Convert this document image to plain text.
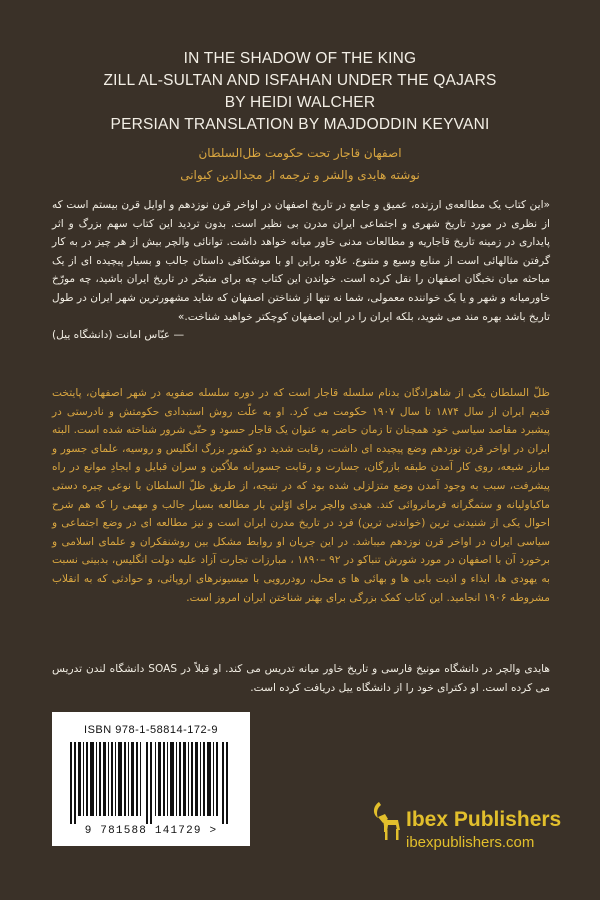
IN THE SHADOW OF THE KING
ZILL AL-SULTAN AND ISFAHAN UNDER THE QAJARS
BY HEIDI WALCHER
PERSIAN TRANSLATION BY MAJDODDIN KEYVANI
اصفهان قاجار تحت حکومت ظل‌السلطان
نوشته هایدی والشر و ترجمه از مجدالدین کیوانی
«این کتاب یک مطالعه‌ی ارزنده، عمیق و جامع در تاریخ اصفهان در اواخر قرن نوزدهم و اوایل قرن بیستم است که از نظری در مورد تاریخ شهری و اجتماعی ایران مدرن بی نظیر است. بدون تردید این کتاب سهم بزرگ و اثر پایداری در زمینه تاریخ قاجاریه و مطالعات مدنی خاور میانه خواهد داشت. توانائی والچر بیش از هر چیز در به کار گرفتن مثالهائی است از منابع وسیع و متنوع. علاوه براین او با موشکافی داستان جالب و بسیار پیچیده ای از یک مباحثه میان نخبگان اصفهان را نقل کرده است. خواندن این کتاب چه برای متبحّر در تاریخ ایران باشید، چه مورّخ خاورمیانه و شهر و یا یک خواننده معمولی، شما نه تنها از شناختن اصفهان که شاید مشهورترین شهر ایران در طول تاریخ باشد بهره مند می شوید، بلکه ایران را در این اصفهان کوچکتر خواهید شناخت.»
— عبّاس امانت (دانشگاه ییل)
ظلّ السلطان یکی از شاهزادگان بدنام سلسله قاجار است که در دوره سلسله صفویه در شهر اصفهان، پایتخت قدیم ایران از سال ۱۸۷۴ تا سال ۱۹۰۷ حکومت می کرد. او به علّت روش استبدادی حکومتش و نادرستی در پیشبرد مقاصد سیاسی خود همچنان تا زمان حاضر به عنوان یک قاجار حسود و حتّی شرور شناخته شده است. البته ایران در اواخر قرن نوزدهم وضع پیچیده ای داشت، رقابت شدید دو کشور بزرگ انگلیس و روسیه، علمای جسور و مبارز شیعه، روی کار آمدن طبقه بازرگان، جسارت و رقابت جسورانه ملاّکین و سران قبایل و ایجادِ موانع در راه پیشرفت، سبب به وجود آمدن وضع متزلزلی شده بود که در نتیجه، از طریق ظلّ السلطان با نوعی چیره دستی ماکیاولیانه و ستمگرانه فرمانروائی کند. هیدی والچر برای اوّلین بار مطالعه بسیار جالب و مهمی را که هم شرح احوال یکی از شنیدنی ترین (خواندنی ترین) فرد در تاریخ مدرن ایران است و نیز مطالعه ای در وضع اجتماعی و سیاسی ایران در اواخر قرن نوزدهم میباشد. در این جریان او روابط مشکل بین روشنفکران و علمای اسلامی و برخورد آن با اصفهان در مورد شورش تنباکو در ۹۲ –۱۸۹۰ ، مبارزات تجارت آزاد علیه دولت انگلیس، بدبینی نسبت به یهودی ها، ایذاء و اذیت بابی ها و بهائی ها ی محل، رودررویی با میسیونرهای اروپائی، و حوادثی که به انقلاب مشروطه ۱۹۰۶ انجامید. این کتاب کمک بزرگی برای بهتر شناختن ایران امروز است.
هایدی والچر در دانشگاه مونیخ فارسی و تاریخ خاور میانه تدریس می کند. او قبلاً در SOAS دانشگاه لندن تدریس می کرده است. او دکترای خود را از دانشگاه ییل دریافت کرده است.
ISBN 978-1-58814-172-9
9 781588 141729 >	Ibex Publishers
ibexpublishers.com
